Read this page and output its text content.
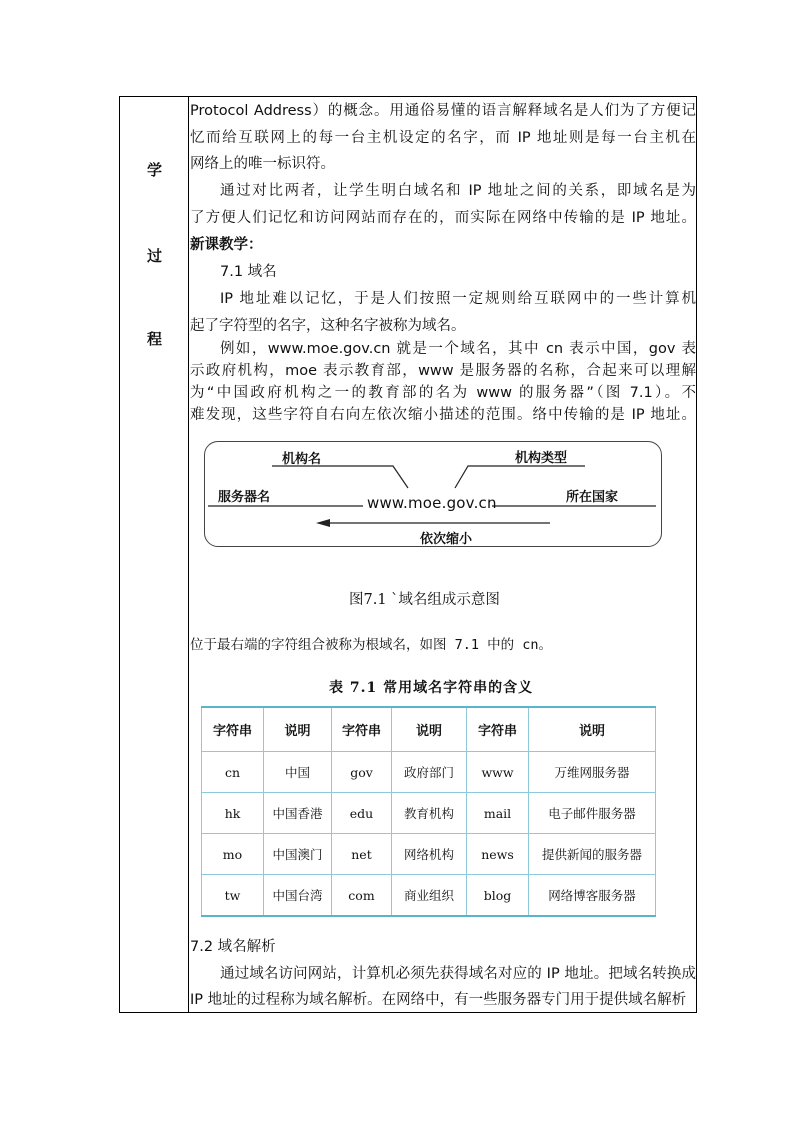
学
过
程
Protocol Address）的概念。用通俗易懂的语言解释域名是人们为了方便记
忆而给互联网上的每一台主机设定的名字，而 IP 地址则是每一台主机在
网络上的唯一标识符。
通过对比两者，让学生明白域名和 IP 地址之间的关系，即域名是为
了方便人们记忆和访问网站而存在的，而实际在网络中传输的是 IP 地址。
新课教学：
7.1 域名
IP 地址难以记忆，于是人们按照一定规则给互联网中的一些计算机
起了字符型的名字，这种名字被称为域名。
例如，www.moe.gov.cn 就是一个域名，其中 cn 表示中国，gov 表
示政府机构，moe 表示教育部，www 是服务器的名称，合起来可以理解
为“中国政府机构之一的教育部的名为 www 的服务器”（图 7.1）。不
难发现，这些字符自右向左依次缩小描述的范围。络中传输的是 IP 地址。
机构名	机构类型
服务器名	所在国家
www.moe.gov.cn
依次缩小
图7.1 `域名组成示意图
位于最右端的字符组合被称为根域名，如图 7.1 中的 cn。
表 7.1 常用域名字符串的含义
字符串	说明	字符串	说明	字符串	说明
cn	中国	gov	政府部门	www	万维网服务器
hk	中国香港	edu	教育机构	mail	电子邮件服务器
mo	中国澳门	net	网络机构	news	提供新闻的服务器
tw	中国台湾	com	商业组织	blog	网络博客服务器
7.2 域名解析
通过域名访问网站，计算机必须先获得域名对应的 IP 地址。把域名转换成
IP 地址的过程称为域名解析。在网络中，有一些服务器专门用于提供域名解析
